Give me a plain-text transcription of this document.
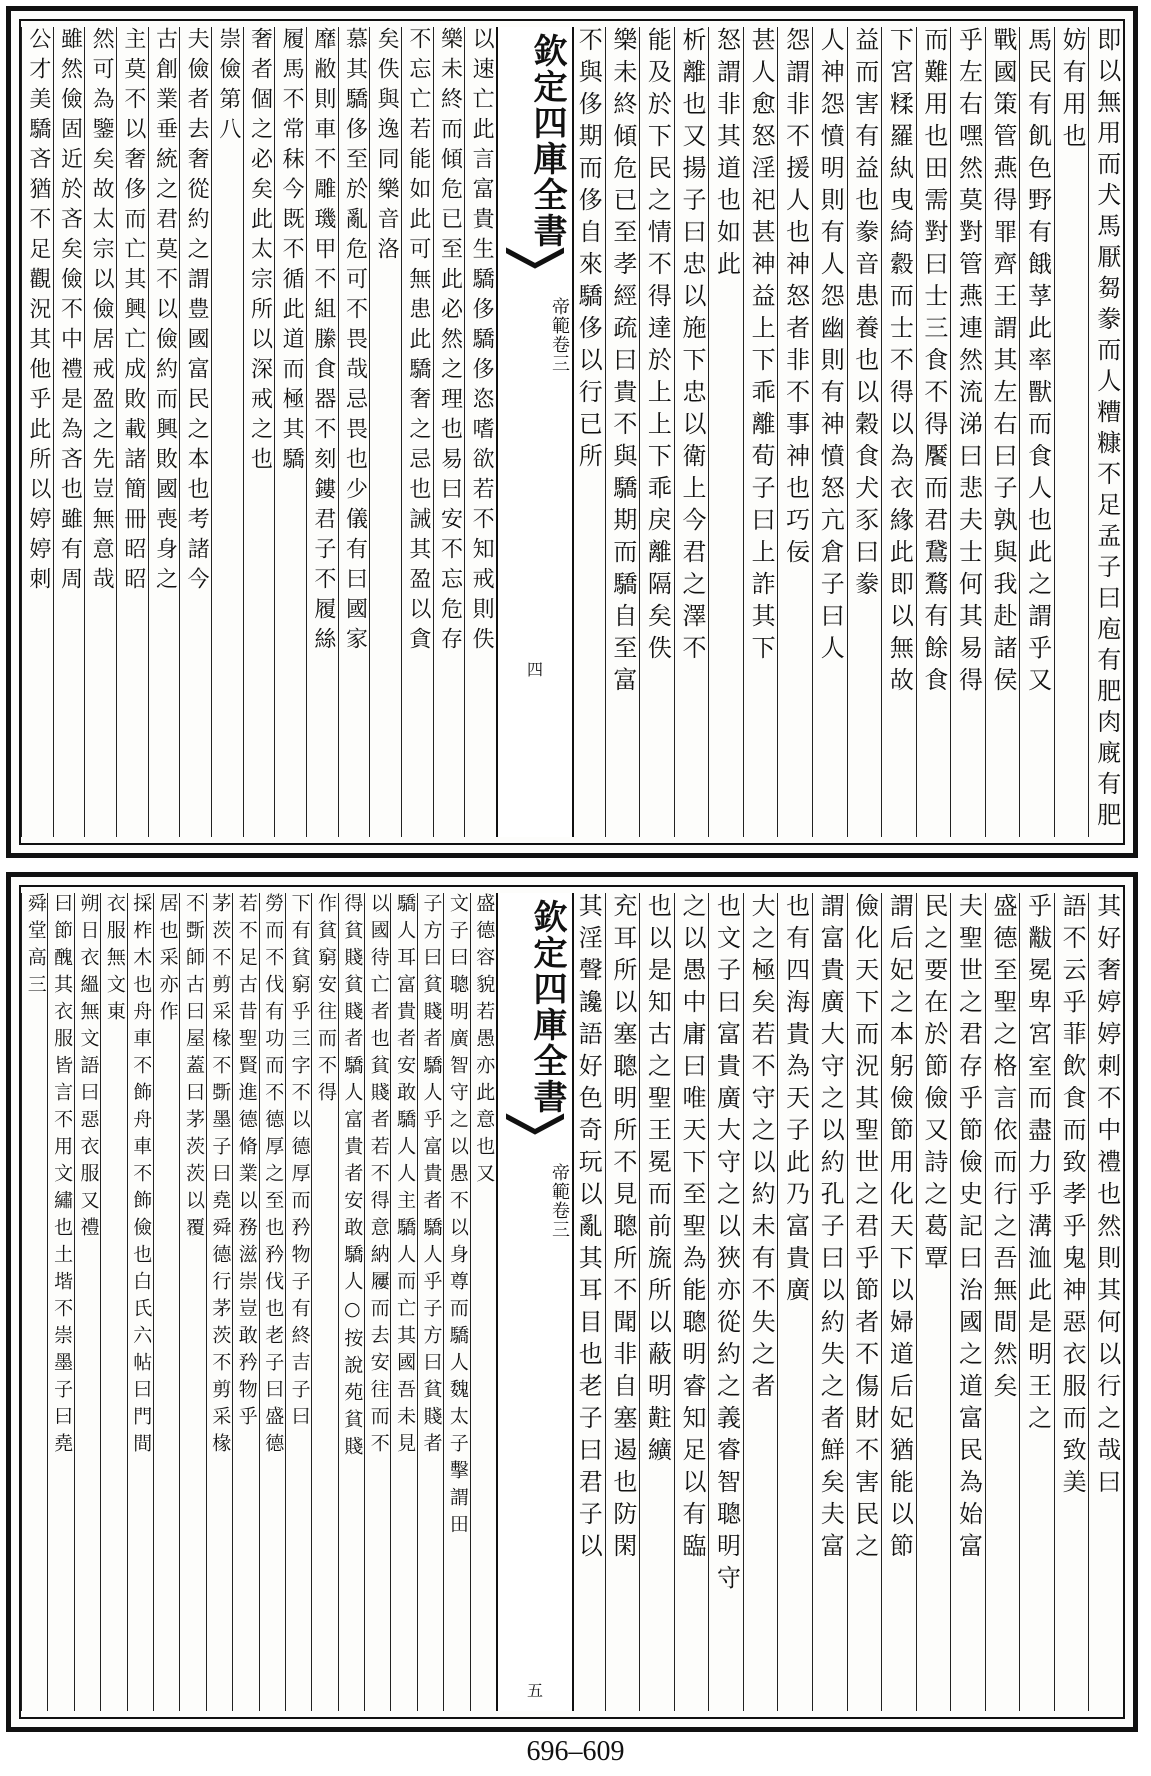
即以無用而犬馬厭芻豢而人糟糠不足孟子曰庖有肥肉廐有肥
妨有用也
馬民有飢色野有餓莩此率獸而食人也此之謂乎又
戰國策管燕得罪齊王謂其左右曰子孰與我赴諸侯
乎左右嘿然莫對管燕連然流涕曰悲夫士何其易得
而難用也田需對曰士三食不得饜而君鵞鶩有餘食
下宮糅羅紈曳綺縠而士不得以為衣緣此即以無故
益而害有益也豢音患養也以穀食犬豕曰豢
人神怨憤明則有人怨幽則有神憤怒亢倉子曰人
怨謂非不援人也神怒者非不事神也巧佞
甚人愈怒淫祀甚神益上下乖離荀子曰上詐其下
怒謂非其道也如此
析離也又揚子曰忠以施下忠以衛上今君之澤不
能及於下民之情不得達於上上下乖戾離隔矣佚
樂未終傾危已至孝經疏曰貴不與驕期而驕自至富
不與侈期而侈自來驕侈以行已所
以速亡此言富貴生驕侈驕侈恣嗜欲若不知戒則佚
樂未終而傾危已至此必然之理也易曰安不忘危存
不忘亡若能如此可無患此驕奢之忌也誡其盈以貪
矣佚與逸同樂音洛
慕其驕侈至於亂危可不畏哉忌畏也少儀有曰國家
靡敝則車不雕璣甲不組縢食器不刻鏤君子不履絲
履馬不常秣今既不循此道而極其驕
奢者個之必矣此太宗所以深戒之也
崇儉第八
夫儉者去奢從約之謂豊國富民之本也考諸今
古創業垂統之君莫不以儉約而興敗國喪身之
主莫不以奢侈而亡其興亡成敗載諸簡冊昭昭
然可為鑒矣故太宗以儉居戒盈之先豈無意哉
雖然儉固近於吝矣儉不中禮是為吝也雖有周
公才美驕吝猶不足觀況其他乎此所以婷婷刺	欽定四庫全書
帝範卷三
四
其好奢婷婷刺不中禮也然則其何以行之哉曰
語不云乎菲飲食而致孝乎鬼神惡衣服而致美
乎黻冕卑宮室而盡力乎溝洫此是明王之
盛德至聖之格言依而行之吾無間然矣
夫聖世之君存乎節儉史記曰治國之道富民為始富
民之要在於節儉又詩之葛覃
謂后妃之本躬儉節用化天下以婦道后妃猶能以節
儉化天下而況其聖世之君乎節者不傷財不害民之
謂富貴廣大守之以約孔子曰以約失之者鮮矣夫富
也有四海貴為天子此乃富貴廣
大之極矣若不守之以約未有不失之者
也文子曰富貴廣大守之以狹亦從約之義睿智聰明守
之以愚中庸曰唯天下至聖為能聰明睿知足以有臨
也以是知古之聖王冕而前旒所以蔽明黈纊
充耳所以塞聰明所不見聰所不聞非自塞遏也防閑
其淫聲讒語好色奇玩以亂其耳目也老子曰君子以
盛德容貌若愚亦此意也又
文子曰聰明廣智守之以愚不以身尊而驕人魏太子擊謂田
子方曰貧賤者驕人乎富貴者驕人乎子方曰貧賤者
驕人耳富貴者安敢驕人人主驕人而亡其國吾未見
以國待亡者也貧賤者若不得意納屨而去安往而不
得貧賤貧賤者驕人富貴者安敢驕人○按說苑貧賤
作貧窮安往而不得
下有貧窮乎三字不以德厚而矜物子有終吉子曰
勞而不伐有功而不德厚之至也矜伐也老子曰盛德
若不足古昔聖賢進德脩業以務滋崇豈敢矜物乎
茅茨不剪采椽不斲墨子曰堯舜德行茅茨不剪采椽
不斲師古曰屋蓋曰茅茨茨以覆
居也采亦作
採柞木也舟車不飾舟車不飾儉也白氏六帖曰門間
衣服無文東
朔日衣縕無文語曰惡衣服又禮
曰節醜其衣服皆言不用文繡也土堦不崇墨子曰堯
舜堂高三	欽定四庫全書
帝範卷三
五
696–609
